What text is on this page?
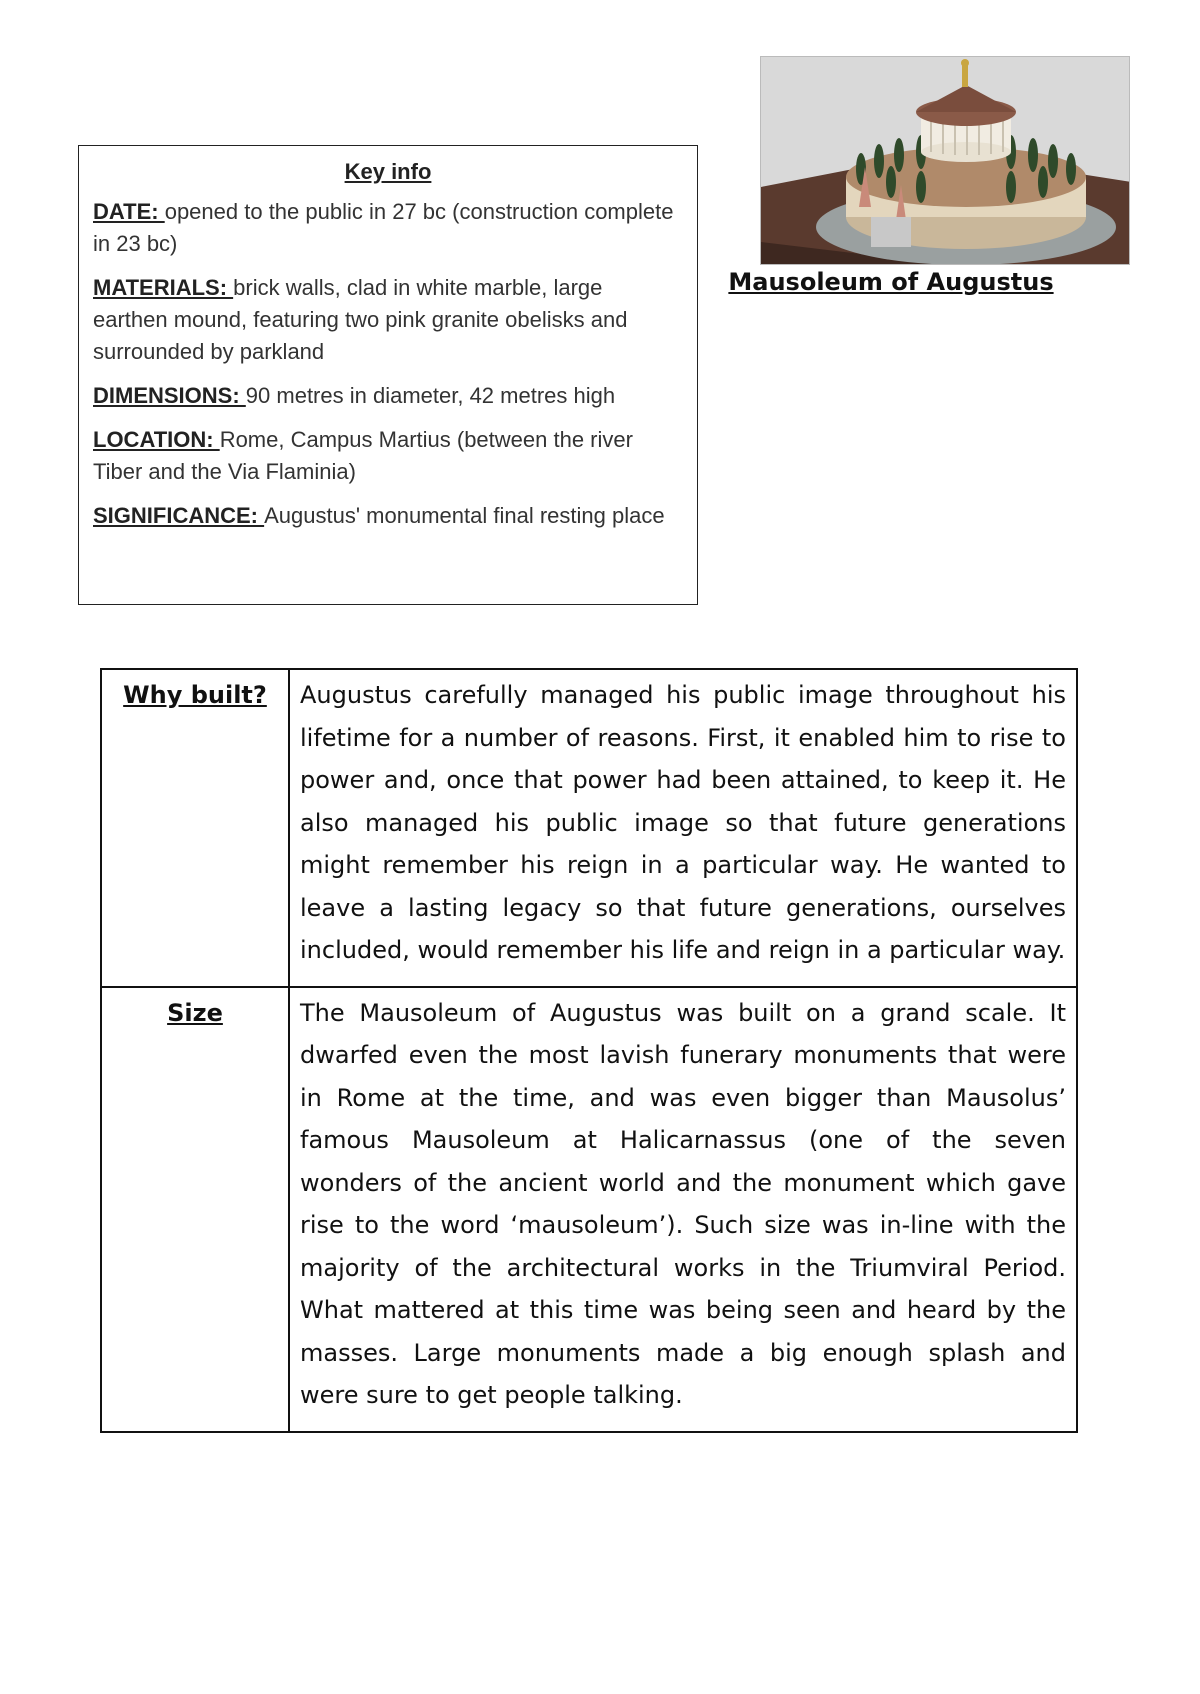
Key info

DATE: opened to the public in 27 bc (construction complete in 23 bc)

MATERIALS: brick walls, clad in white marble, large earthen mound, featuring two pink granite obelisks and surrounded by parkland

DIMENSIONS: 90 metres in diameter, 42 metres high

LOCATION: Rome, Campus Martius (between the river Tiber and the Via Flaminia)

SIGNIFICANCE: Augustus' monumental final resting place

Mausoleum of Augustus
Why built?	Augustus carefully managed his public image throughout his lifetime for a number of reasons. First, it enabled him to rise to power and, once that power had been attained, to keep it. He also managed his public image so that future generations might remember his reign in a particular way. He wanted to leave a lasting legacy so that future generations, ourselves included, would remember his life and reign in a particular way.
Size	The Mausoleum of Augustus was built on a grand scale. It dwarfed even the most lavish funerary monuments that were in Rome at the time, and was even bigger than Mausolus’ famous Mausoleum at Halicarnassus (one of the seven wonders of the ancient world and the monument which gave rise to the word ‘mausoleum’). Such size was in-line with the majority of the architectural works in the Triumviral Period. What mattered at this time was being seen and heard by the masses. Large monuments made a big enough splash and were sure to get people talking.
